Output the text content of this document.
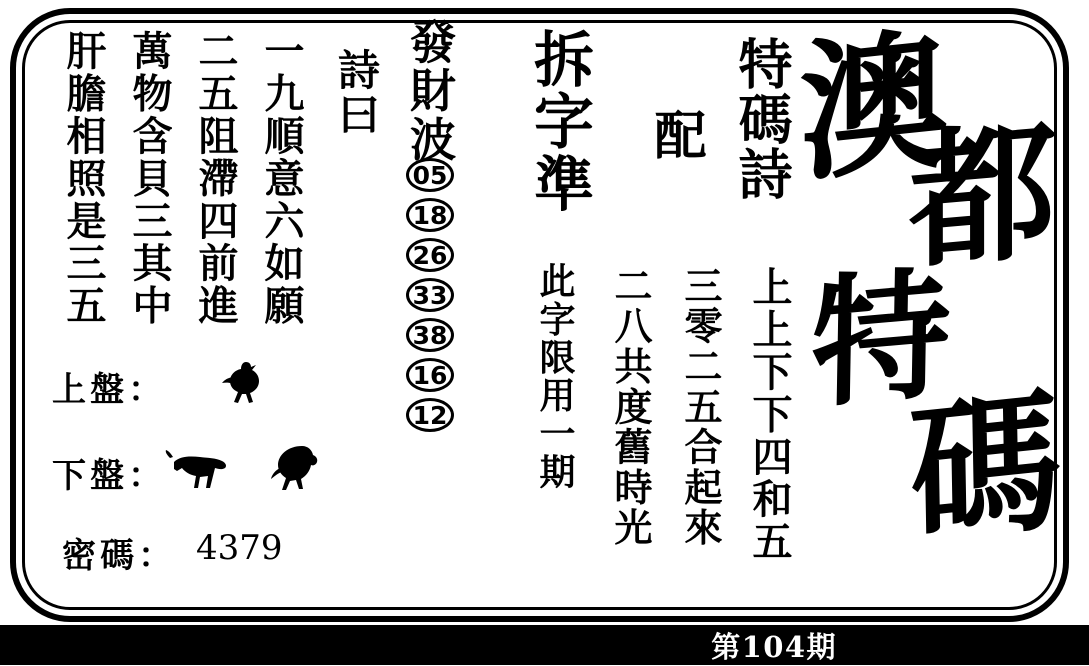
澳
都
特
碼
特碼詩
配
上上下下四和五
三零二五合起來
二八共度舊時光
拆字準
此字限用一期
發財波
05
18
26
33
38
16
12
詩曰
一九順意六如願
二五阻滯四前進
萬物含貝三其中
肝膽相照是三五
上盤：
下盤：
密碼： 4379
第104期
